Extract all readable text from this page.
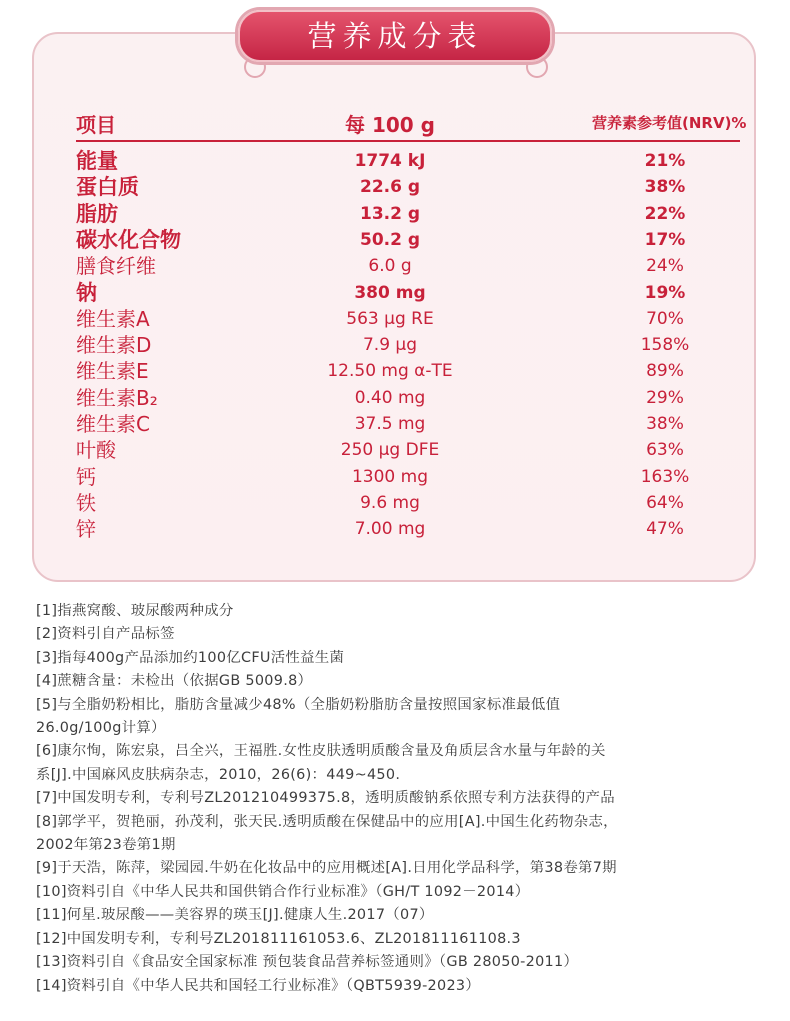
营养成分表
项目	每 100 g	营养素参考值(NRV)%
能量	1774 kJ	21%
蛋白质	22.6 g	38%
脂肪	13.2 g	22%
碳水化合物	50.2 g	17%
膳食纤维	6.0 g	24%
钠	380 mg	19%
维生素A	563 μg RE	70%
维生素D	7.9 μg	158%
维生素E	12.50 mg α-TE	89%
维生素B₂	0.40 mg	29%
维生素C	37.5 mg	38%
叶酸	250 μg DFE	63%
钙	1300 mg	163%
铁	9.6 mg	64%
锌	7.00 mg	47%
[1]指燕窝酸、玻尿酸两种成分
[2]资料引自产品标签
[3]指每400g产品添加约100亿CFU活性益生菌
[4]蔗糖含量：未检出（依据GB 5009.8）
[5]与全脂奶粉相比，脂肪含量减少48%（全脂奶粉脂肪含量按照国家标准最低值
26.0g/100g计算）
[6]康尔恂，陈宏泉，吕全兴，王福胜.女性皮肤透明质酸含量及角质层含水量与年龄的关
系[J].中国麻风皮肤病杂志，2010，26(6)：449~450.
[7]中国发明专利，专利号ZL201210499375.8，透明质酸钠系依照专利方法获得的产品
[8]郭学平，贺艳丽，孙茂利，张天民.透明质酸在保健品中的应用[A].中国生化药物杂志，
2002年第23卷第1期
[9]于天浩，陈萍，梁园园.牛奶在化妆品中的应用概述[A].日用化学品科学，第38卷第7期
[10]资料引自《中华人民共和国供销合作行业标准》（GH/T 1092－2014）
[11]何星.玻尿酸——美容界的瑛玉[J].健康人生.2017（07）
[12]中国发明专利，专利号ZL201811161053.6、ZL201811161108.3
[13]资料引自《食品安全国家标准 预包装食品营养标签通则》（GB 28050-2011）
[14]资料引自《中华人民共和国轻工行业标准》（QBT5939-2023）
